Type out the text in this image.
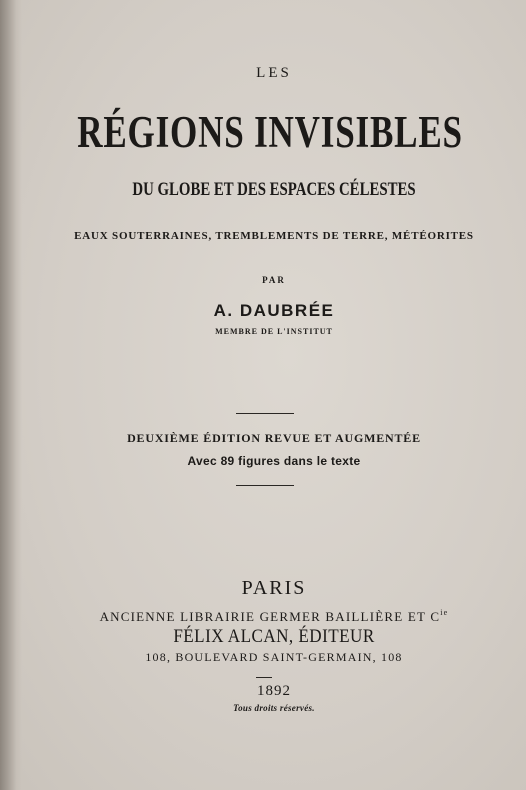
LES
RÉGIONS INVISIBLES
DU GLOBE ET DES ESPACES CÉLESTES
EAUX SOUTERRAINES, TREMBLEMENTS DE TERRE, MÉTÉORITES
PAR
A. DAUBRÉE
MEMBRE DE L'INSTITUT
DEUXIÈME ÉDITION REVUE ET AUGMENTÉE
Avec 89 figures dans le texte
PARIS
ANCIENNE LIBRAIRIE GERMER BAILLIÈRE ET $C^{ie}$
FÉLIX ALCAN, ÉDITEUR
108, BOULEVARD SAINT-GERMAIN, 108
1892
Tous droits réservés.
